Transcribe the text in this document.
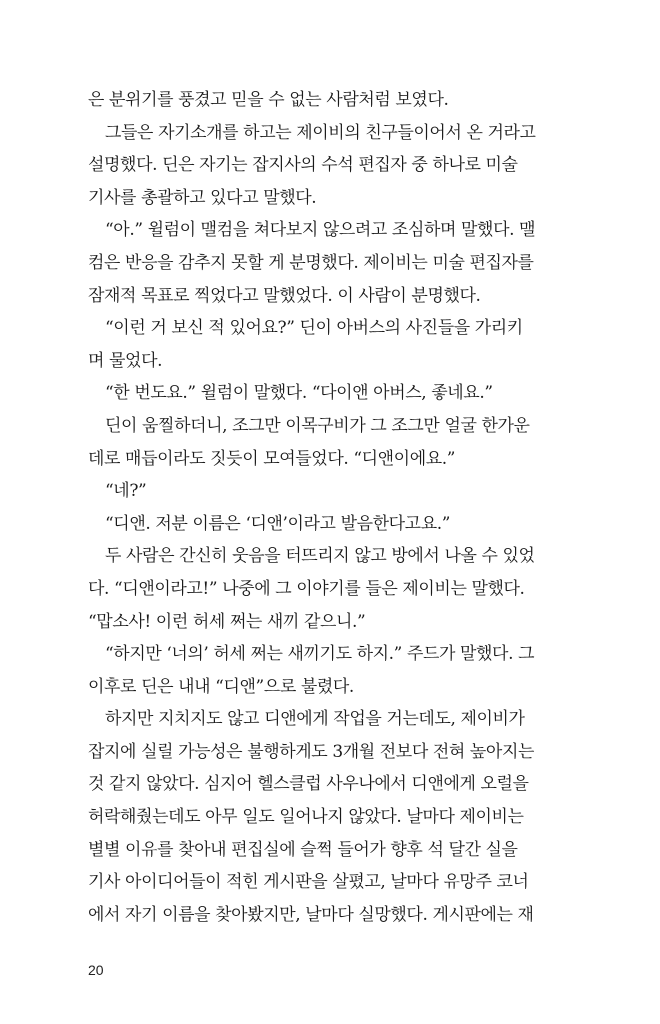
은 분위기를 풍겼고 믿을 수 없는 사람처럼 보였다.
그들은 자기소개를 하고는 제이비의 친구들이어서 온 거라고
설명했다. 딘은 자기는 잡지사의 수석 편집자 중 하나로 미술
기사를 총괄하고 있다고 말했다.
“아.” 윌럼이 맬컴을 쳐다보지 않으려고 조심하며 말했다. 맬
컴은 반응을 감추지 못할 게 분명했다. 제이비는 미술 편집자를
잠재적 목표로 찍었다고 말했었다. 이 사람이 분명했다.
“이런 거 보신 적 있어요?” 딘이 아버스의 사진들을 가리키
며 물었다.
“한 번도요.” 윌럼이 말했다. “다이앤 아버스, 좋네요.”
딘이 움찔하더니, 조그만 이목구비가 그 조그만 얼굴 한가운
데로 매듭이라도 짓듯이 모여들었다. “디앤이에요.”
“네?”
“디앤. 저분 이름은 ‘디앤’이라고 발음한다고요.”
두 사람은 간신히 웃음을 터뜨리지 않고 방에서 나올 수 있었
다. “디앤이라고!” 나중에 그 이야기를 들은 제이비는 말했다.
“맙소사! 이런 허세 쩌는 새끼 같으니.”
“하지만 ‘너의’ 허세 쩌는 새끼기도 하지.” 주드가 말했다. 그
이후로 딘은 내내 “디앤”으로 불렸다.
하지만 지치지도 않고 디앤에게 작업을 거는데도, 제이비가
잡지에 실릴 가능성은 불행하게도 3개월 전보다 전혀 높아지는
것 같지 않았다. 심지어 헬스클럽 사우나에서 디앤에게 오럴을
허락해줬는데도 아무 일도 일어나지 않았다. 날마다 제이비는
별별 이유를 찾아내 편집실에 슬쩍 들어가 향후 석 달간 실을
기사 아이디어들이 적힌 게시판을 살폈고, 날마다 유망주 코너
에서 자기 이름을 찾아봤지만, 날마다 실망했다. 게시판에는 재
20
